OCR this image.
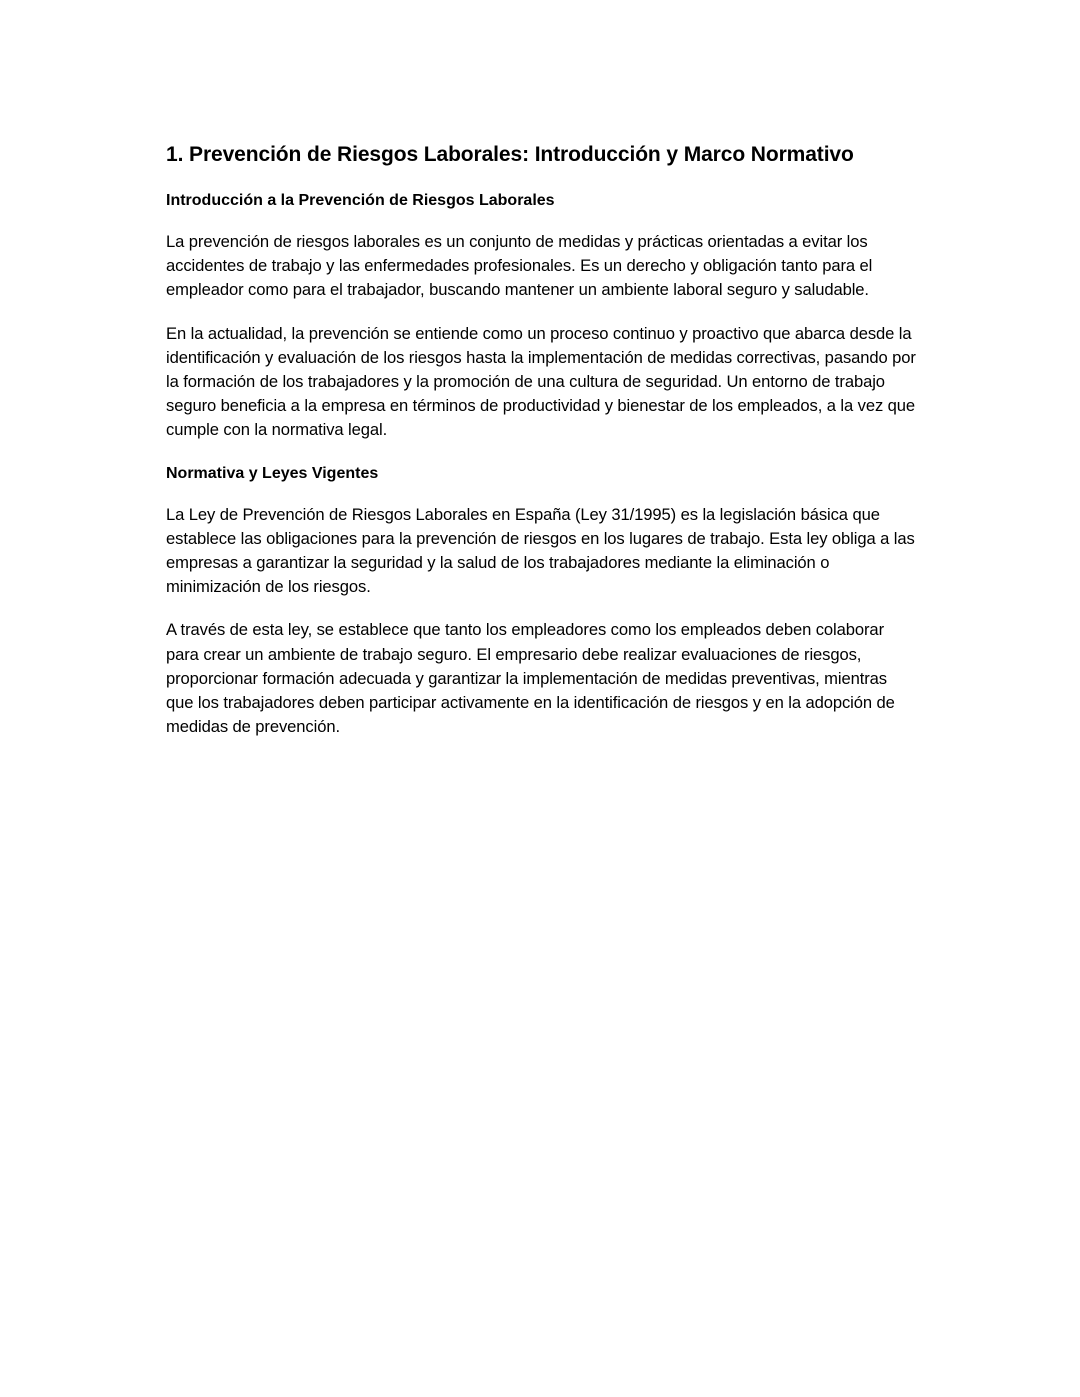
1. Prevención de Riesgos Laborales: Introducción y Marco Normativo
Introducción a la Prevención de Riesgos Laborales

La prevención de riesgos laborales es un conjunto de medidas y prácticas orientadas a evitar los accidentes de trabajo y las enfermedades profesionales. Es un derecho y obligación tanto para el empleador como para el trabajador, buscando mantener un ambiente laboral seguro y saludable.

En la actualidad, la prevención se entiende como un proceso continuo y proactivo que abarca desde la identificación y evaluación de los riesgos hasta la implementación de medidas correctivas, pasando por la formación de los trabajadores y la promoción de una cultura de seguridad. Un entorno de trabajo seguro beneficia a la empresa en términos de productividad y bienestar de los empleados, a la vez que cumple con la normativa legal.

Normativa y Leyes Vigentes

La Ley de Prevención de Riesgos Laborales en España (Ley 31/1995) es la legislación básica que establece las obligaciones para la prevención de riesgos en los lugares de trabajo. Esta ley obliga a las empresas a garantizar la seguridad y la salud de los trabajadores mediante la eliminación o minimización de los riesgos.

A través de esta ley, se establece que tanto los empleadores como los empleados deben colaborar para crear un ambiente de trabajo seguro. El empresario debe realizar evaluaciones de riesgos, proporcionar formación adecuada y garantizar la implementación de medidas preventivas, mientras que los trabajadores deben participar activamente en la identificación de riesgos y en la adopción de medidas de prevención.
